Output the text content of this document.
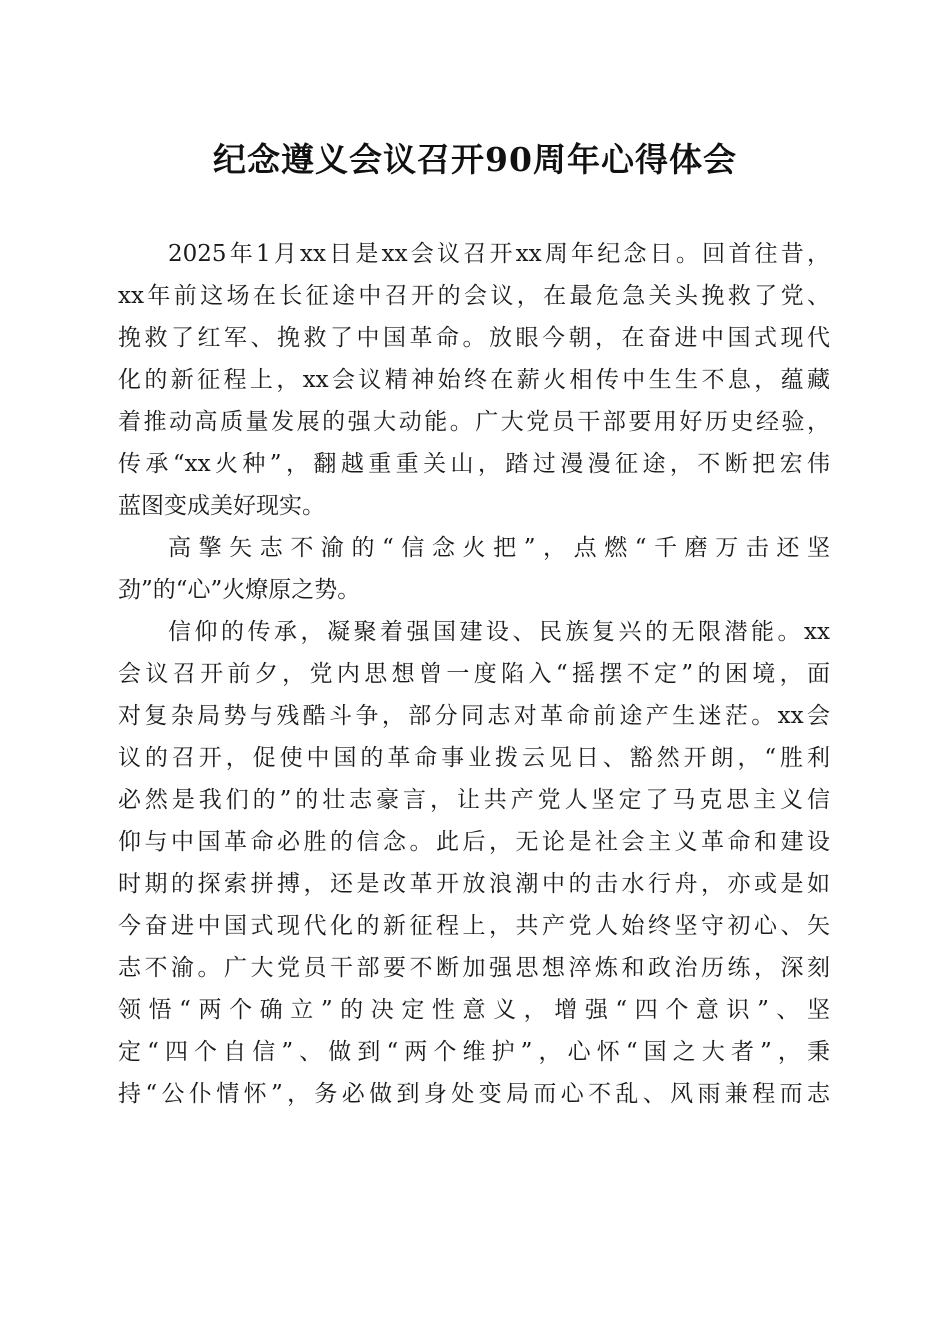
纪念遵义会议召开90周年心得体会
2025年1月xx日是xx会议召开xx周年纪念日。回首往昔，
xx年前这场在长征途中召开的会议，在最危急关头挽救了党、
挽救了红军、挽救了中国革命。放眼今朝，在奋进中国式现代
化的新征程上，xx会议精神始终在薪火相传中生生不息，蕴藏
着推动高质量发展的强大动能。广大党员干部要用好历史经验，
传承“xx火种”，翻越重重关山，踏过漫漫征途，不断把宏伟
蓝图变成美好现实。
高擎矢志不渝的“信念火把”，点燃“千磨万击还坚
劲”的“心”火燎原之势。
信仰的传承，凝聚着强国建设、民族复兴的无限潜能。xx
会议召开前夕，党内思想曾一度陷入“摇摆不定”的困境，面
对复杂局势与残酷斗争，部分同志对革命前途产生迷茫。xx会
议的召开，促使中国的革命事业拨云见日、豁然开朗，“胜利
必然是我们的”的壮志豪言，让共产党人坚定了马克思主义信
仰与中国革命必胜的信念。此后，无论是社会主义革命和建设
时期的探索拼搏，还是改革开放浪潮中的击水行舟，亦或是如
今奋进中国式现代化的新征程上，共产党人始终坚守初心、矢
志不渝。广大党员干部要不断加强思想淬炼和政治历练，深刻
领悟“两个确立”的决定性意义，增强“四个意识”、坚
定“四个自信”、做到“两个维护”，心怀“国之大者”，秉
持“公仆情怀”，务必做到身处变局而心不乱、风雨兼程而志
